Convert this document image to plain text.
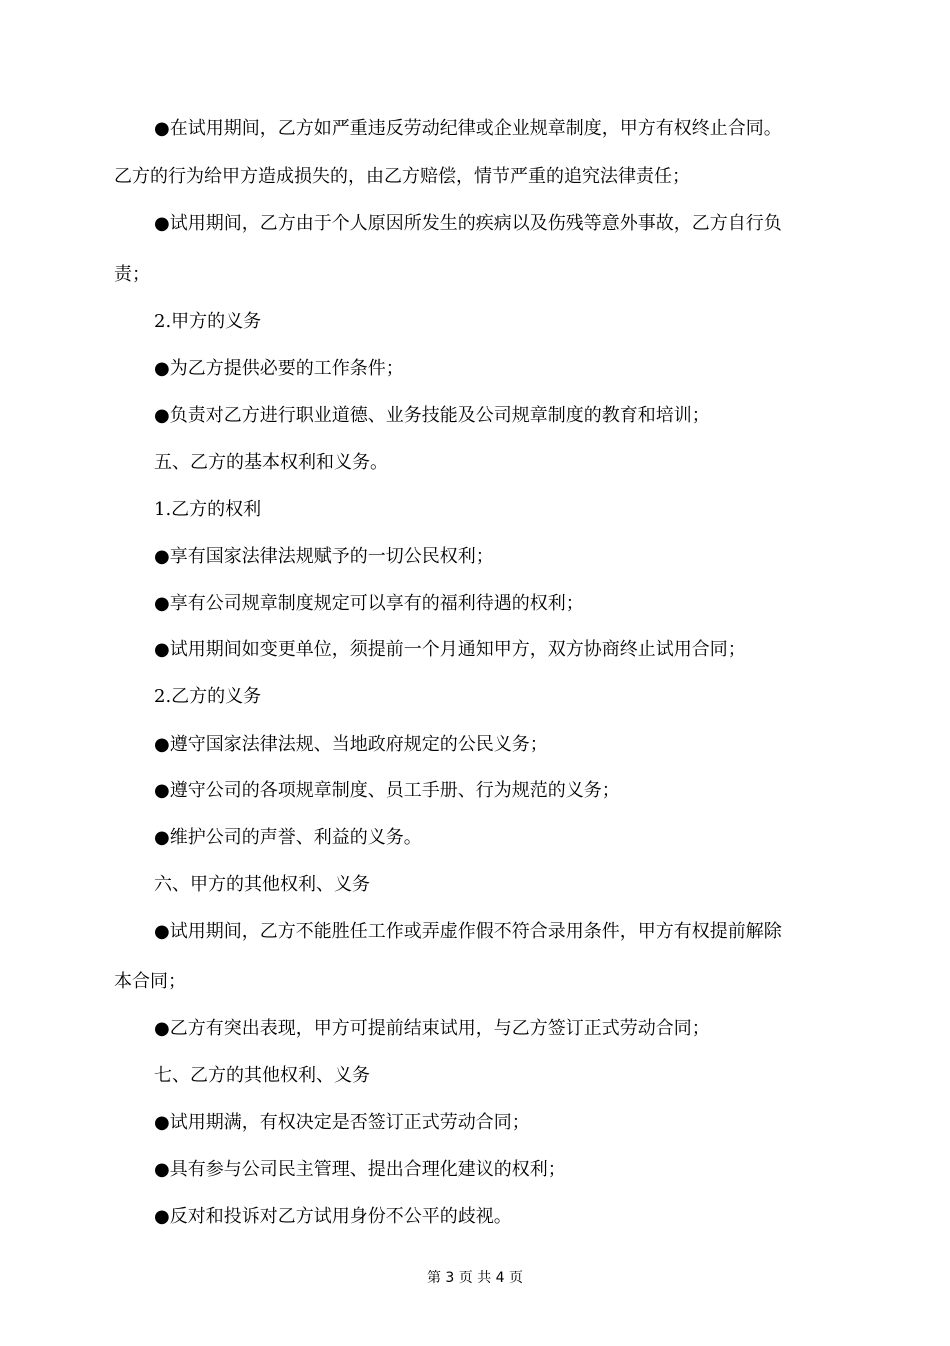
●在试用期间，乙方如严重违反劳动纪律或企业规章制度，甲方有权终止合同。

乙方的行为给甲方造成损失的，由乙方赔偿，情节严重的追究法律责任；

●试用期间，乙方由于个人原因所发生的疾病以及伤残等意外事故，乙方自行负

责；

2.甲方的义务

●为乙方提供必要的工作条件；

●负责对乙方进行职业道德、业务技能及公司规章制度的教育和培训；

五、乙方的基本权利和义务。

1.乙方的权利

●享有国家法律法规赋予的一切公民权利；

●享有公司规章制度规定可以享有的福利待遇的权利；

●试用期间如变更单位，须提前一个月通知甲方，双方协商终止试用合同；

2.乙方的义务

●遵守国家法律法规、当地政府规定的公民义务；

●遵守公司的各项规章制度、员工手册、行为规范的义务；

●维护公司的声誉、利益的义务。

六、甲方的其他权利、义务

●试用期间，乙方不能胜任工作或弄虚作假不符合录用条件，甲方有权提前解除

本合同；

●乙方有突出表现，甲方可提前结束试用，与乙方签订正式劳动合同；

七、乙方的其他权利、义务

●试用期满，有权决定是否签订正式劳动合同；

●具有参与公司民主管理、提出合理化建议的权利；

●反对和投诉对乙方试用身份不公平的歧视。

第 3 页 共 4 页
